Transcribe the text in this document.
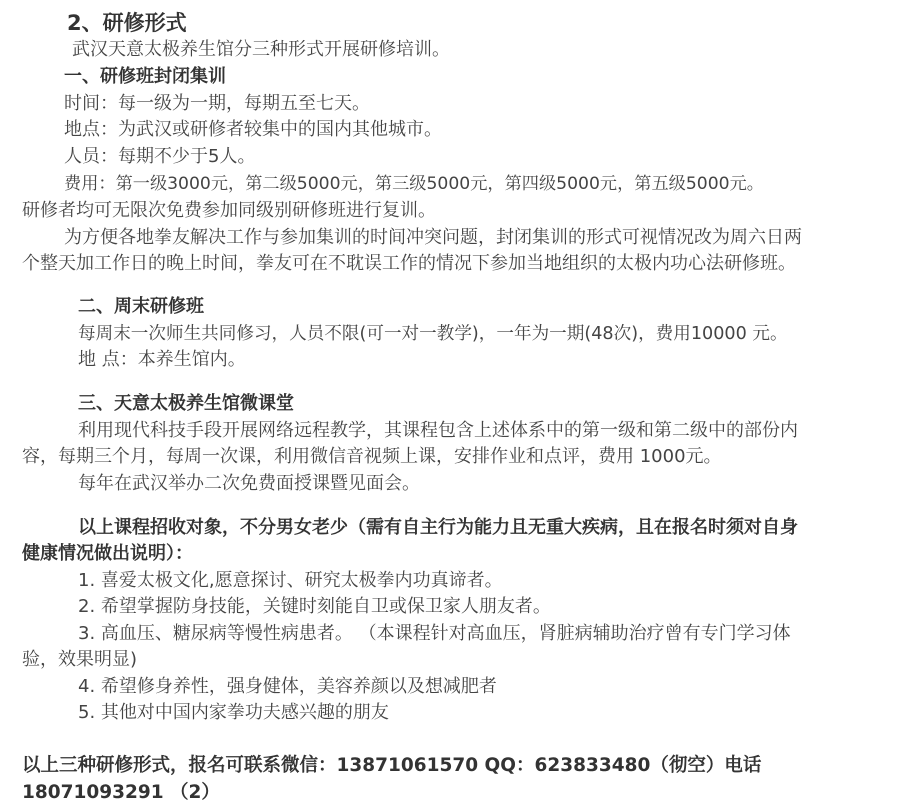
2、研修形式
武汉天意太极养生馆分三种形式开展研修培训。
一、研修班封闭集训
时间：每一级为一期，每期五至七天。
地点：为武汉或研修者较集中的国内其他城市。
人员：每期不少于5人。
费用：第一级3000元，第二级5000元，第三级5000元，第四级5000元，第五级5000元。
研修者均可无限次免费参加同级别研修班进行复训。
为方便各地拳友解决工作与参加集训的时间冲突问题，封闭集训的形式可视情况改为周六日两
个整天加工作日的晚上时间，拳友可在不耽误工作的情况下参加当地组织的太极内功心法研修班。
二、周末研修班
每周末一次师生共同修习，人员不限(可一对一教学)，一年为一期(48次)，费用10000 元。
地 点：本养生馆内。
三、天意太极养生馆微课堂
利用现代科技手段开展网络远程教学，其课程包含上述体系中的第一级和第二级中的部份内
容，每期三个月，每周一次课，利用微信音视频上课，安排作业和点评，费用 1000元。
每年在武汉举办二次免费面授课暨见面会。
以上课程招收对象，不分男女老少（需有自主行为能力且无重大疾病，且在报名时须对自身
健康情况做出说明）：
1. 喜爱太极文化,愿意探讨、研究太极拳内功真谛者。
2. 希望掌握防身技能，关键时刻能自卫或保卫家人朋友者。
3. 高血压、糖尿病等慢性病患者。 （本课程针对高血压，肾脏病辅助治疗曾有专门学习体
验，效果明显)
4. 希望修身养性，强身健体，美容养颜以及想减肥者
5. 其他对中国内家拳功夫感兴趣的朋友
以上三种研修形式，报名可联系微信：13871061570 QQ：623833480（彻空）电话
18071093291 （2）
